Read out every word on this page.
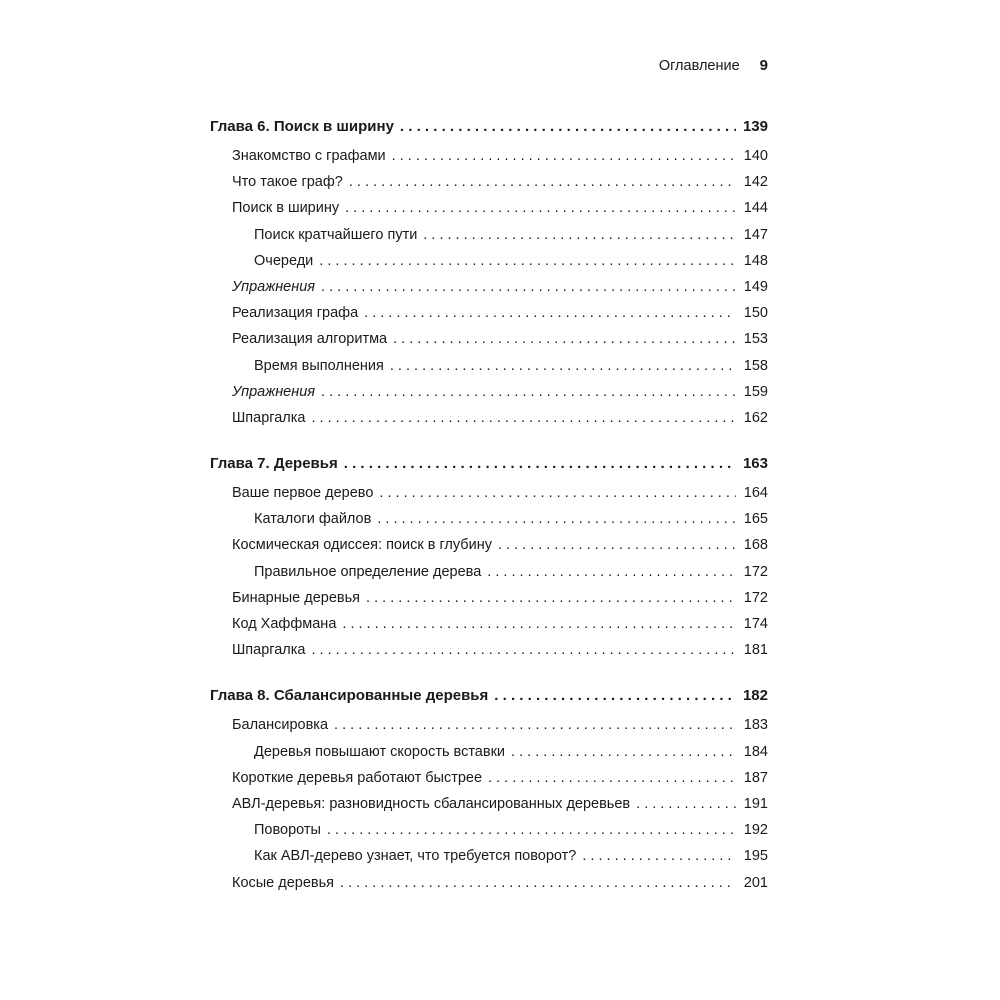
Оглавление 9
Глава 6. Поиск в ширину . . .	139
Знакомство с графами . . .	140
Что такое граф? . . .	142
Поиск в ширину . . .	144
Поиск кратчайшего пути . . .	147
Очереди . . .	148
Упражнения . . .	149
Реализация графа . . .	150
Реализация алгоритма . . .	153
Время выполнения . . .	158
Упражнения . . .	159
Шпаргалка . . .	162
Глава 7. Деревья . . .	163
Ваше первое дерево . . .	164
Каталоги файлов . . .	165
Космическая одиссея: поиск в глубину . . .	168
Правильное определение дерева . . .	172
Бинарные деревья . . .	172
Код Хаффмана . . .	174
Шпаргалка . . .	181
Глава 8. Сбалансированные деревья . . .	182
Балансировка . . .	183
Деревья повышают скорость вставки . . .	184
Короткие деревья работают быстрее . . .	187
АВЛ-деревья: разновидность сбалансированных деревьев . . .	191
Повороты . . .	192
Как АВЛ-дерево узнает, что требуется поворот? . . .	195
Косые деревья . . .	201
